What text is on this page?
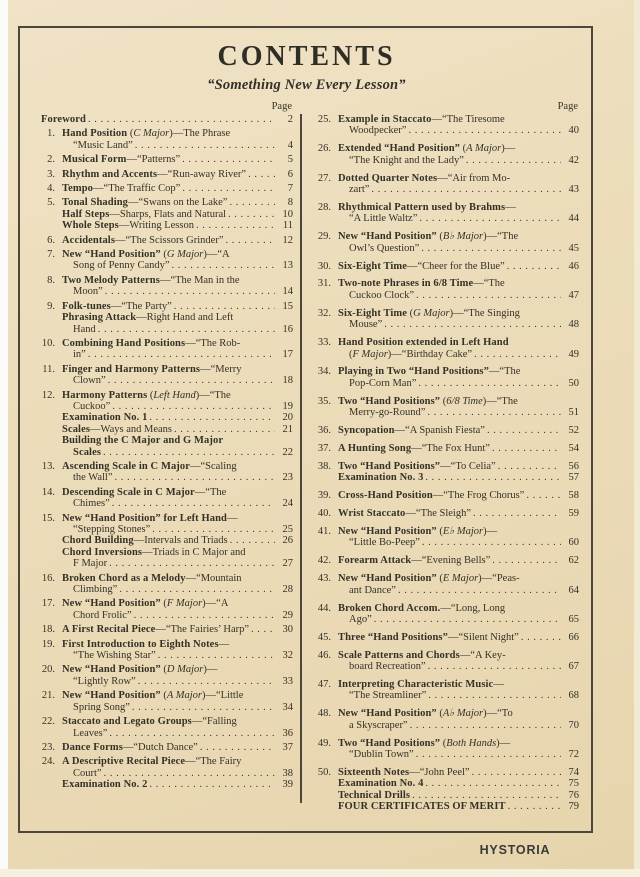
CONTENTS
“Something New Every Lesson”
Page
Foreword . . .	2
1. Hand Position (C Major)—The Phrase
“Music Land” . . .	4
2. Musical Form—“Patterns” . . .	5
3. Rhythm and Accents—“Run-away River” . . .	6
4. Tempo—“The Traffic Cop” . . .	7
5. Tonal Shading—“Swans on the Lake” . . .	8
Half Steps—Sharps, Flats and Natural . . .	10
Whole Steps—Writing Lesson . . .	11
6. Accidentals—“The Scissors Grinder” . . .	12
7. New “Hand Position” (G Major)—“A
Song of Penny Candy” . . .	13
8. Two Melody Patterns—“The Man in the
Moon” . . .	14
9. Folk-tunes—“The Party” . . .	15
Phrasing Attack—Right Hand and Left
Hand . . .	16
10. Combining Hand Positions—“The Rob-
in” . . .	17
11. Finger and Harmony Patterns—“Merry
Clown” . . .	18
12. Harmony Patterns (Left Hand)—“The
Cuckoo” . . .	19
Examination No. 1 . . .	20
Scales—Ways and Means . . .	21
Building the C Major and G Major
Scales . . .	22
13. Ascending Scale in C Major—“Scaling
the Wall” . . .	23
14. Descending Scale in C Major—“The
Chimes” . . .	24
15. New “Hand Position” for Left Hand—
“Stepping Stones” . . .	25
Chord Building—Intervals and Triads . . .	26
Chord Inversions—Triads in C Major and
F Major . . .	27
16. Broken Chord as a Melody—“Mountain
Climbing” . . .	28
17. New “Hand Position” (F Major)—“A
Chord Frolic” . . .	29
18. A First Recital Piece—“The Fairies’ Harp” . . .	30
19. First Introduction to Eighth Notes—
“The Wishing Star” . . .	32
20. New “Hand Position” (D Major)—
“Lightly Row” . . .	33
21. New “Hand Position” (A Major)—“Little
Spring Song” . . .	34
22. Staccato and Legato Groups—“Falling
Leaves” . . .	36
23. Dance Forms—“Dutch Dance” . . .	37
24. A Descriptive Recital Piece—“The Fairy
Court” . . .	38
Examination No. 2 . . .	39
Page
25. Example in Staccato—“The Tiresome
Woodpecker” . . .	40
26. Extended “Hand Position” (A Major)—
“The Knight and the Lady” . . .	42
27. Dotted Quarter Notes—“Air from Mo-
zart” . . .	43
28. Rhythmical Pattern used by Brahms—
“A Little Waltz” . . .	44
29. New “Hand Position” (B♭ Major)—“The
Owl’s Question” . . .	45
30. Six-Eight Time—“Cheer for the Blue” . . .	46
31. Two-note Phrases in 6/8 Time—“The
Cuckoo Clock” . . .	47
32. Six-Eight Time (G Major)—“The Singing
Mouse” . . .	48
33. Hand Position extended in Left Hand
(F Major)—“Birthday Cake” . . .	49
34. Playing in Two “Hand Positions”—“The
Pop-Corn Man” . . .	50
35. Two “Hand Positions” (6/8 Time)—“The
Merry-go-Round” . . .	51
36. Syncopation—“A Spanish Fiesta” . . .	52
37. A Hunting Song—“The Fox Hunt” . . .	54
38. Two “Hand Positions”—“To Celia” . . .	56
Examination No. 3 . . .	57
39. Cross-Hand Position—“The Frog Chorus” . . .	58
40. Wrist Staccato—“The Sleigh” . . .	59
41. New “Hand Position” (E♭ Major)—
“Little Bo-Peep” . . .	60
42. Forearm Attack—“Evening Bells” . . .	62
43. New “Hand Position” (E Major)—“Peas-
ant Dance” . . .	64
44. Broken Chord Accom.—“Long, Long
Ago” . . .	65
45. Three “Hand Positions”—“Silent Night” . . .	66
46. Scale Patterns and Chords—“A Key-
board Recreation” . . .	67
47. Interpreting Characteristic Music—
“The Streamliner” . . .	68
48. New “Hand Position” (A♭ Major)—“To
a Skyscraper” . . .	70
49. Two “Hand Positions” (Both Hands)—
“Dublin Town” . . .	72
50. Sixteenth Notes—“John Peel” . . .	74
Examination No. 4 . . .	75
Technical Drills . . .	76
FOUR CERTIFICATES OF MERIT . . .	79
HYSTORIA
